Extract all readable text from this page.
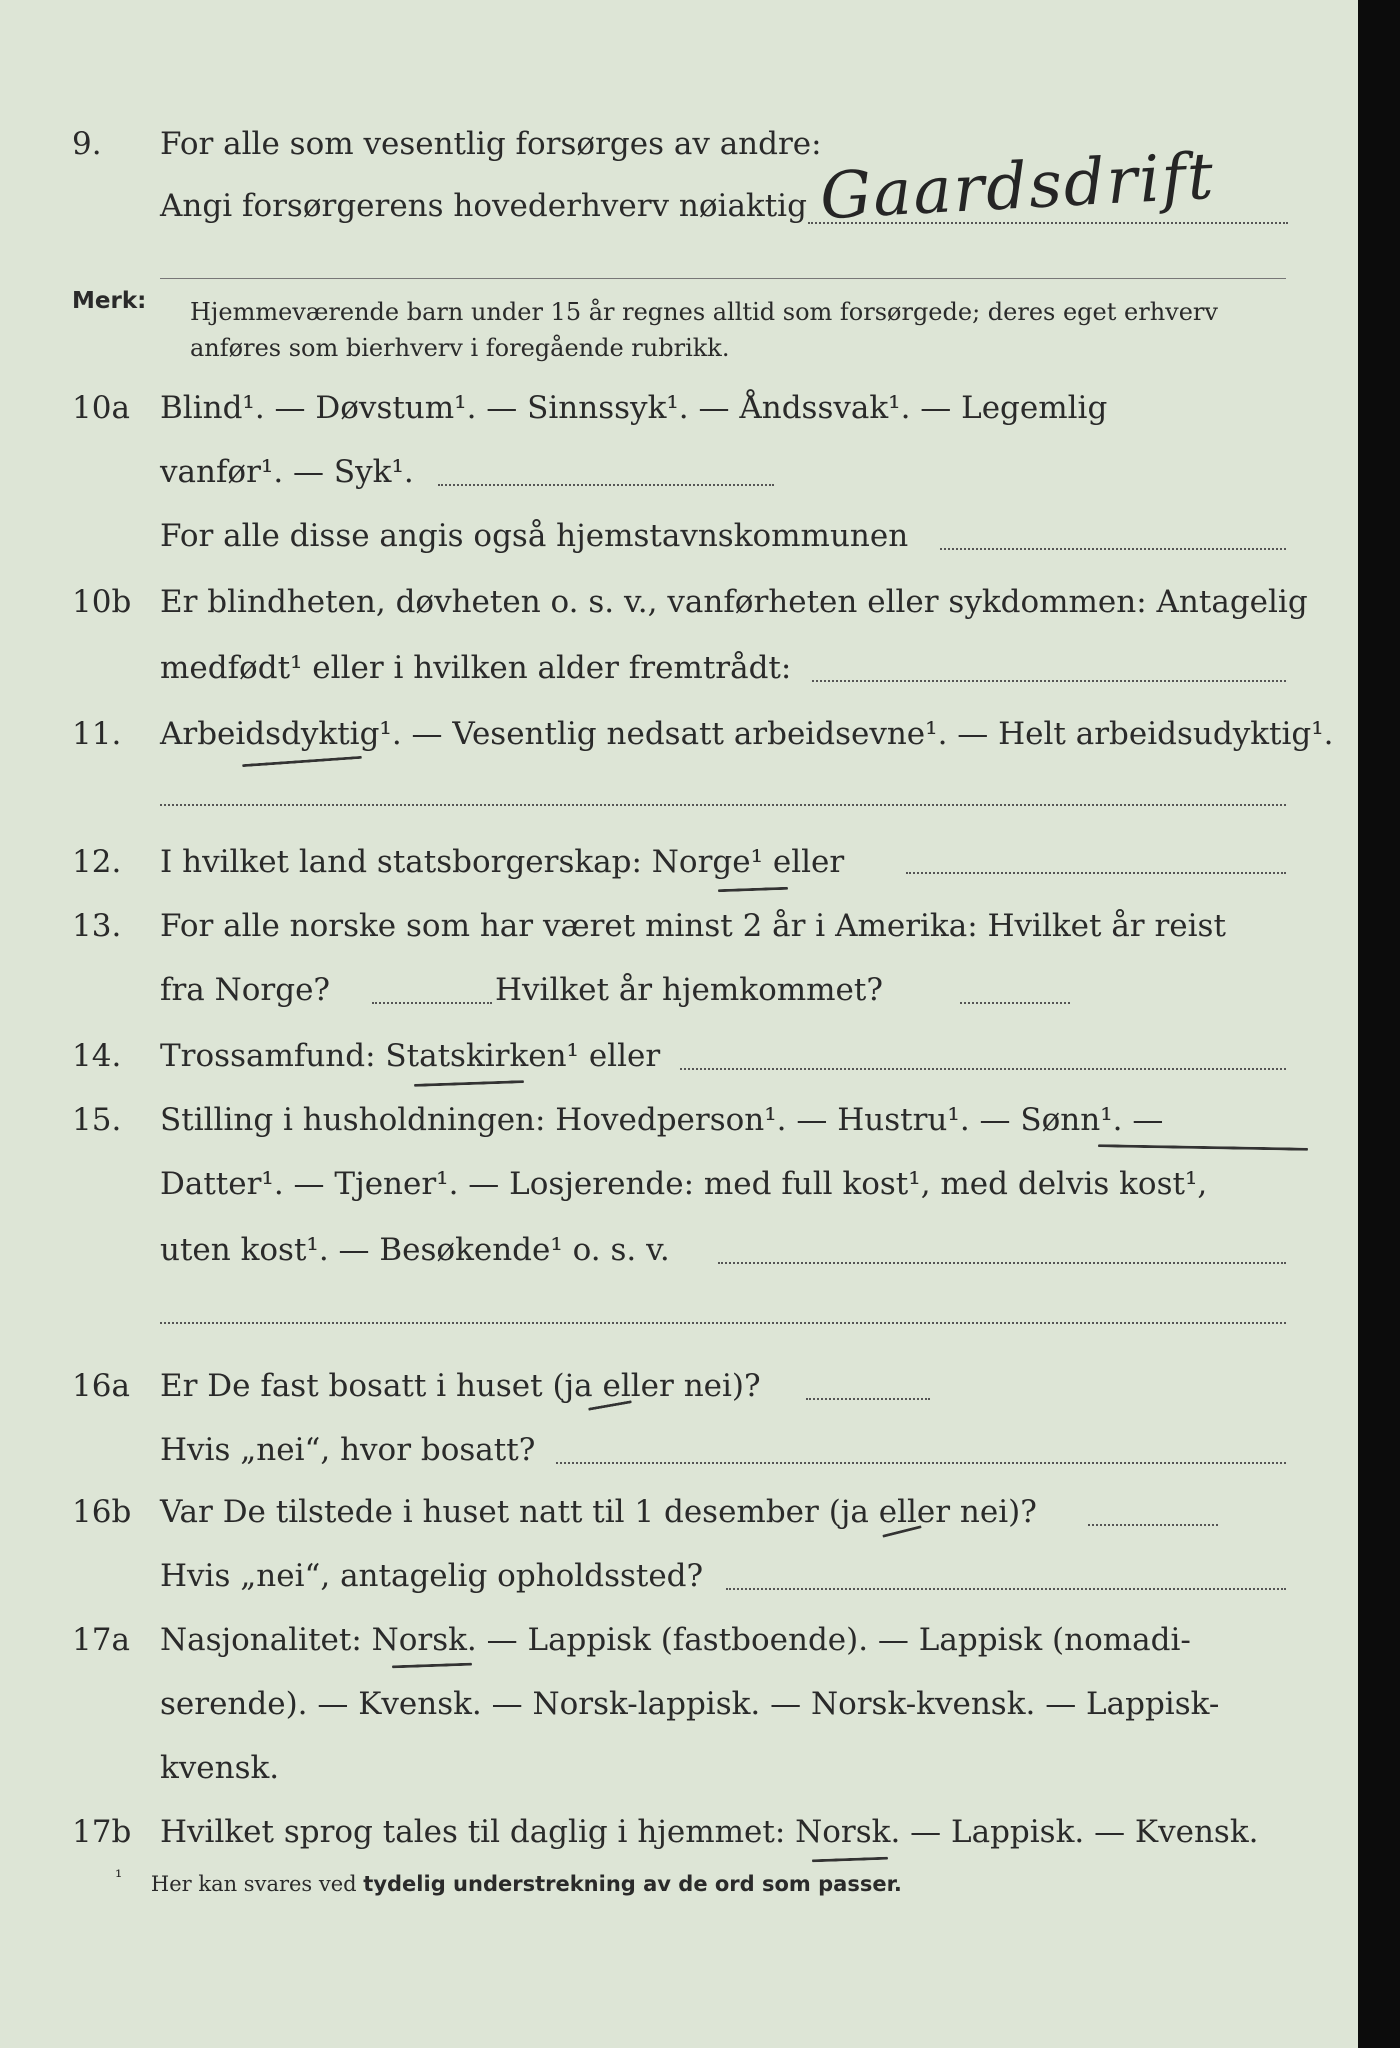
9.	For alle som vesentlig forsørges av andre:
Angi forsørgerens hovederhverv nøiaktig Gaardsdrift
Merk: Hjemmeværende barn under 15 år regnes alltid som forsørgede; deres eget erhverv
anføres som bierhverv i foregående rubrikk.
10a Blind¹. — Døvstum¹. — Sinnssyk¹. — Åndssvak¹. — Legemlig
vanfør¹. — Syk¹.
For alle disse angis også hjemstavnskommunen
10b Er blindheten, døvheten o. s. v., vanførheten eller sykdommen: Antagelig
medfødt¹ eller i hvilken alder fremtrådt:
11.	Arbeidsdyktig¹. — Vesentlig nedsatt arbeidsevne¹. — Helt arbeidsudyktig¹.
12.	I hvilket land statsborgerskap: Norge¹ eller
13.	For alle norske som har været minst 2 år i Amerika: Hvilket år reist
fra Norge?	Hvilket år hjemkommet?
14.	Trossamfund: Statskirken¹ eller
15.	Stilling i husholdningen: Hovedperson¹. — Hustru¹. — Sønn¹. —
Datter¹. — Tjener¹. — Losjerende: med full kost¹, med delvis kost¹,
uten kost¹. — Besøkende¹ o. s. v.
16a Er De fast bosatt i huset (ja eller nei)?
Hvis „nei“, hvor bosatt?
16b Var De tilstede i huset natt til 1 desember (ja eller nei)?
Hvis „nei“, antagelig opholdssted?
17a Nasjonalitet: Norsk. — Lappisk (fastboende). — Lappisk (nomadi-
serende). — Kvensk. — Norsk-lappisk. — Norsk-kvensk. — Lappisk-
kvensk.
17b Hvilket sprog tales til daglig i hjemmet: Norsk. — Lappisk. — Kvensk.
¹ Her kan svares ved tydelig understrekning av de ord som passer.
